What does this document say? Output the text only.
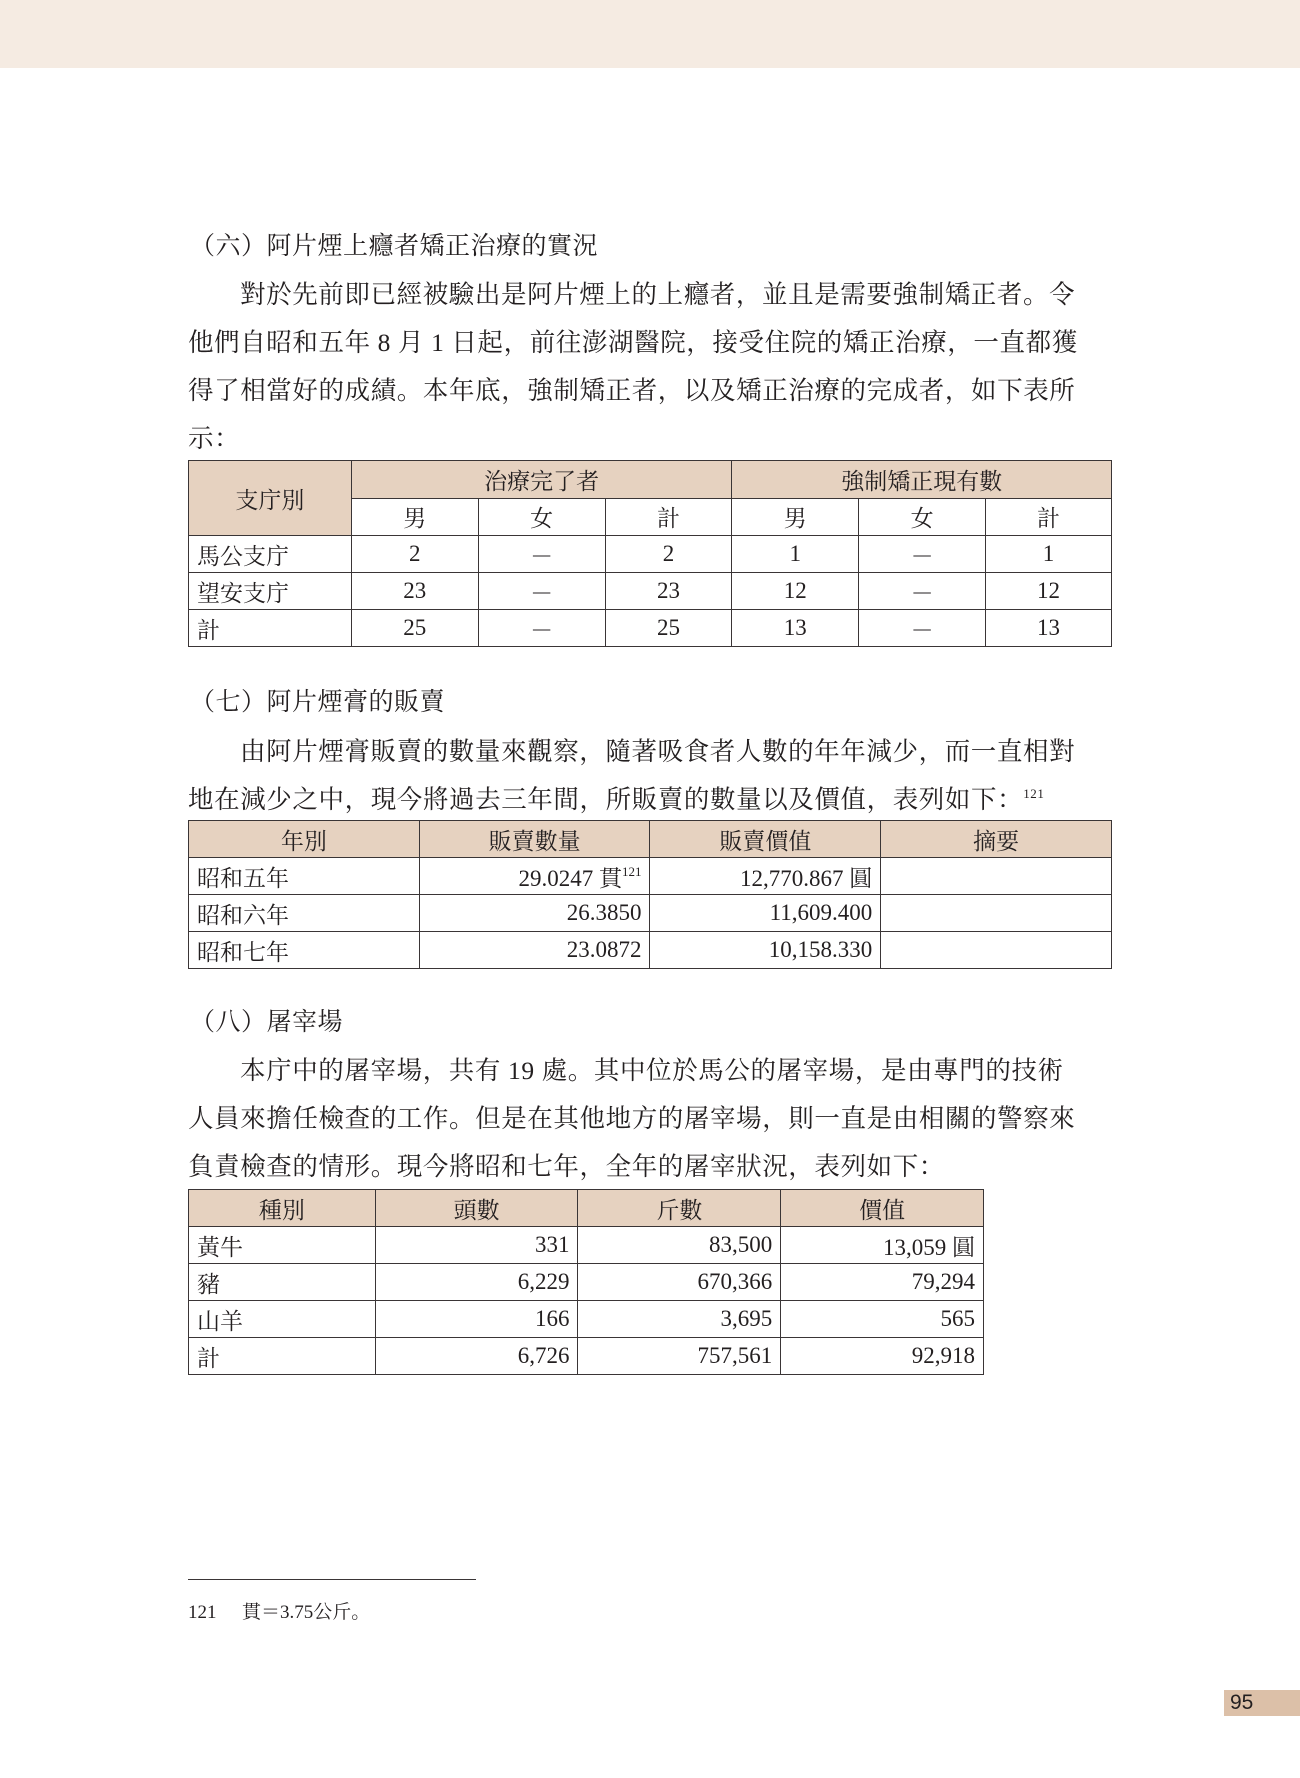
（六）阿片煙上癮者矯正治療的實況
對於先前即已經被驗出是阿片煙上的上癮者，並且是需要強制矯正者。令
他們自昭和五年 8 月 1 日起，前往澎湖醫院，接受住院的矯正治療，一直都獲
得了相當好的成績。本年底，強制矯正者，以及矯正治療的完成者，如下表所
示：
支庁別	治療完了者			強制矯正現有數		
	男	女	計	男	女	計
馬公支庁	2	－	2	1	－	1
望安支庁	23	－	23	12	－	12
計	25	－	25	13	－	13
（七）阿片煙膏的販賣
由阿片煙膏販賣的數量來觀察，隨著吸食者人數的年年減少，而一直相對
地在減少之中，現今將過去三年間，所販賣的數量以及價值，表列如下：$^{121}$
年別	販賣數量	販賣價值	摘要
昭和五年	29.0247 貫$^{121}$	12,770.867 圓	
昭和六年	26.3850	11,609.400	
昭和七年	23.0872	10,158.330	
（八）屠宰場
本庁中的屠宰場，共有 19 處。其中位於馬公的屠宰場，是由專門的技術
人員來擔任檢查的工作。但是在其他地方的屠宰場，則一直是由相關的警察來
負責檢查的情形。現今將昭和七年，全年的屠宰狀況，表列如下：
種別	頭數	斤數	價值
黃牛	331	83,500	13,059 圓
豬	6,229	670,366	79,294
山羊	166	3,695	565
計	6,726	757,561	92,918
121 貫＝3.75公斤。
95
